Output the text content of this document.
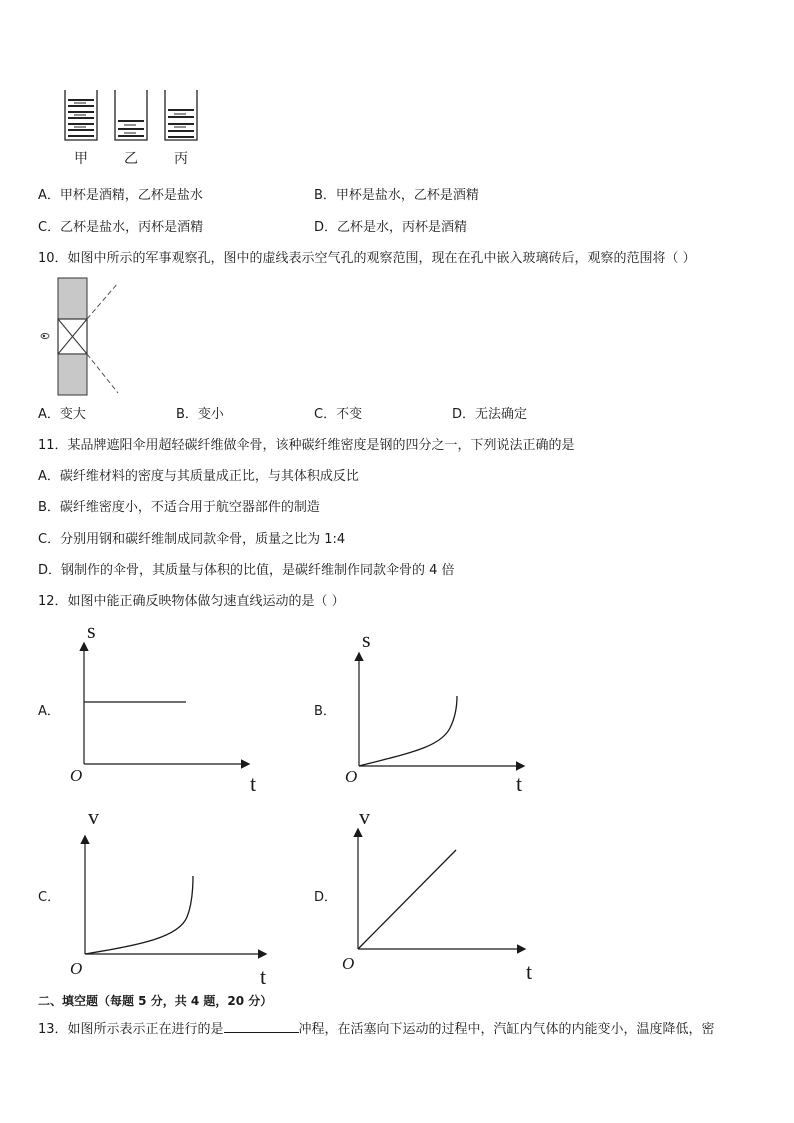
甲	乙	丙
A．甲杯是酒精，乙杯是盐水	B．甲杯是盐水，乙杯是酒精
C．乙杯是盐水，丙杯是酒精	D．乙杯是水，丙杯是酒精
10．如图中所示的军事观察孔，图中的虚线表示空气孔的观察范围，现在在孔中嵌入玻璃砖后，观察的范围将（ ）
A．变大	B．变小	C．不变	D．无法确定
11．某品牌遮阳伞用超轻碳纤维做伞骨，该种碳纤维密度是钢的四分之一，下列说法正确的是
A．碳纤维材料的密度与其质量成正比，与其体积成反比
B．碳纤维密度小，不适合用于航空器部件的制造
C．分别用钢和碳纤维制成同款伞骨，质量之比为 1:4
D．钢制作的伞骨，其质量与体积的比值，是碳纤维制作同款伞骨的 4 倍
12．如图中能正确反映物体做匀速直线运动的是（ ）
A．
s
t
O
B．
s
t
O
C．
v
t
O
D．
v
t
O
二、填空题（每题 5 分，共 4 题，20 分）
13．如图所示表示正在进行的是	冲程，在活塞向下运动的过程中，汽缸内气体的内能变小，温度降低，密
